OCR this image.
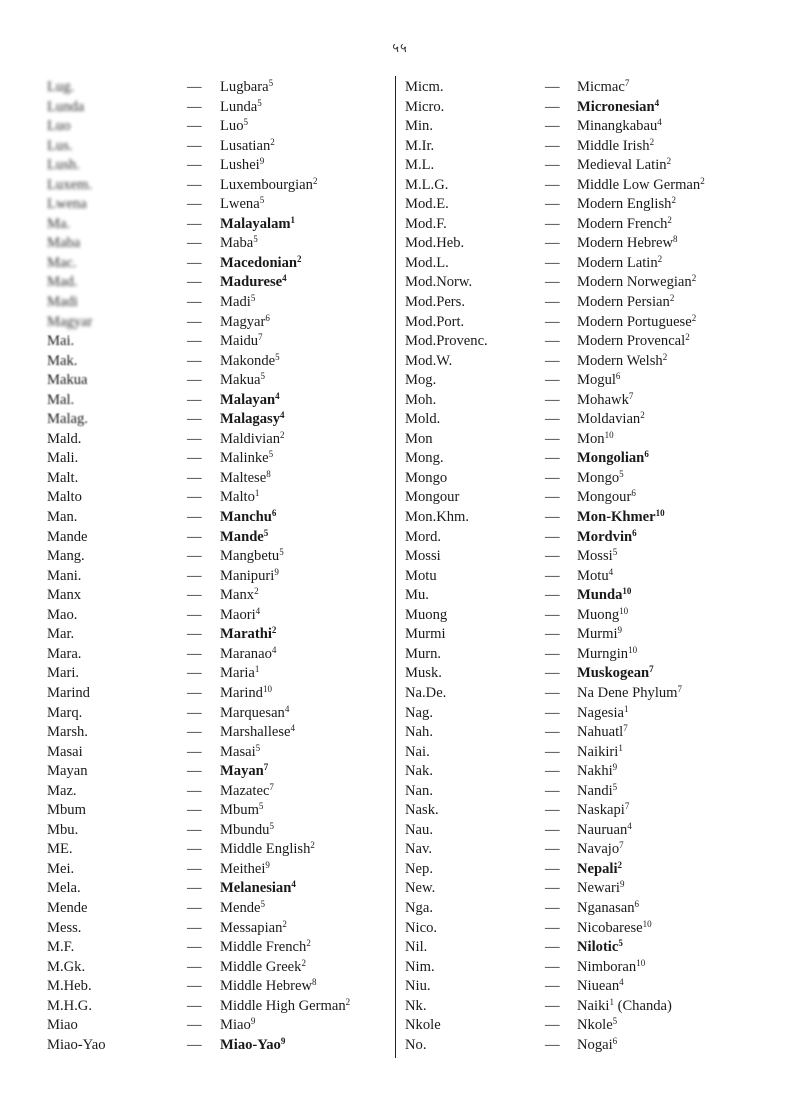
५५
Lug.	— Lugbara$^5$
Lunda	— Lunda$^5$
Luo	— Luo$^5$
Lus.	— Lusatian$^2$
Lush.	— Lushei$^9$
Luxem.	— Luxembourgian$^2$
Lwena	— Lwena$^5$
Ma.	— Malayalam$^1$
Maba	— Maba$^5$
Mac.	— Macedonian$^2$
Mad.	— Madurese$^4$
Madi	— Madi$^5$
Magyar	— Magyar$^6$
Mai.	— Maidu$^7$
Mak.	— Makonde$^5$
Makua	— Makua$^5$
Mal.	— Malayan$^4$
Malag.	— Malagasy$^4$
Mald.	— Maldivian$^2$
Mali.	— Malinke$^5$
Malt.	— Maltese$^8$
Malto	— Malto$^1$
Man.	— Manchu$^6$
Mande	— Mande$^5$
Mang.	— Mangbetu$^5$
Mani.	— Manipuri$^9$
Manx	— Manx$^2$
Mao.	— Maori$^4$
Mar.	— Marathi$^2$
Mara.	— Maranao$^4$
Mari.	— Maria$^1$
Marind	— Marind$^{10}$
Marq.	— Marquesan$^4$
Marsh.	— Marshallese$^4$
Masai	— Masai$^5$
Mayan	— Mayan$^7$
Maz.	— Mazatec$^7$
Mbum	— Mbum$^5$
Mbu.	— Mbundu$^5$
ME.	— Middle English$^2$
Mei.	— Meithei$^9$
Mela.	— Melanesian$^4$
Mende	— Mende$^5$
Mess.	— Messapian$^2$
M.F.	— Middle French$^2$
M.Gk.	— Middle Greek$^2$
M.Heb.	— Middle Hebrew$^8$
M.H.G.	— Middle High German$^2$
Miao	— Miao$^9$
Miao-Yao	— Miao-Yao$^9$
Micm.	— Micmac$^7$
Micro.	— Micronesian$^4$
Min.	— Minangkabau$^4$
M.Ir.	— Middle Irish$^2$
M.L.	— Medieval Latin$^2$
M.L.G.	— Middle Low German$^2$
Mod.E.	— Modern English$^2$
Mod.F.	— Modern French$^2$
Mod.Heb.	— Modern Hebrew$^8$
Mod.L.	— Modern Latin$^2$
Mod.Norw.	— Modern Norwegian$^2$
Mod.Pers.	— Modern Persian$^2$
Mod.Port.	— Modern Portuguese$^2$
Mod.Provenc.	— Modern Provencal$^2$
Mod.W.	— Modern Welsh$^2$
Mog.	— Mogul$^6$
Moh.	— Mohawk$^7$
Mold.	— Moldavian$^2$
Mon	— Mon$^{10}$
Mong.	— Mongolian$^6$
Mongo	— Mongo$^5$
Mongour	— Mongour$^6$
Mon.Khm.	— Mon-Khmer$^{10}$
Mord.	— Mordvin$^6$
Mossi	— Mossi$^5$
Motu	— Motu$^4$
Mu.	— Munda$^{10}$
Muong	— Muong$^{10}$
Murmi	— Murmi$^9$
Murn.	— Murngin$^{10}$
Musk.	— Muskogean$^7$
Na.De.	— Na Dene Phylum$^7$
Nag.	— Nagesia$^1$
Nah.	— Nahuatl$^7$
Nai.	— Naikiri$^1$
Nak.	— Nakhi$^9$
Nan.	— Nandi$^5$
Nask.	— Naskapi$^7$
Nau.	— Nauruan$^4$
Nav.	— Navajo$^7$
Nep.	— Nepali$^2$
New.	— Newari$^9$
Nga.	— Nganasan$^6$
Nico.	— Nicobarese$^{10}$
Nil.	— Nilotic$^5$
Nim.	— Nimboran$^{10}$
Niu.	— Niuean$^4$
Nk.	— Naiki$^1$ (Chanda)
Nkole	— Nkole$^5$
No.	— Nogai$^6$
